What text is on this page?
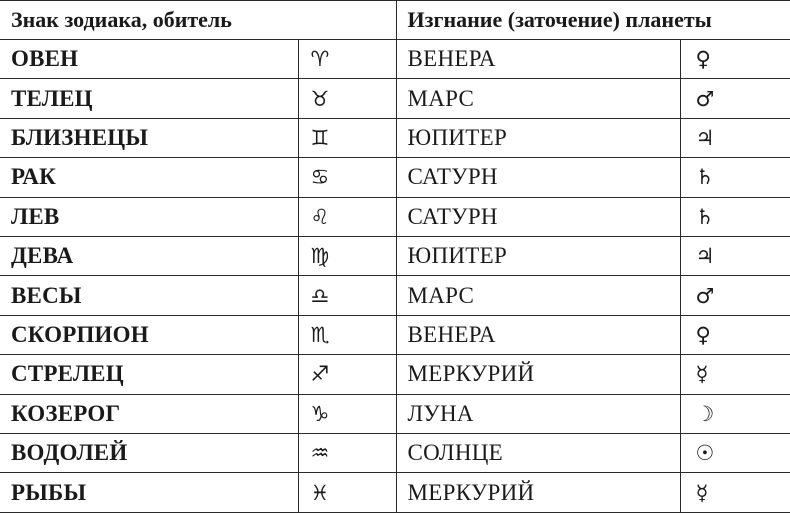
Знак зодиака, обитель		Изгнание (заточение) планеты	
ОВЕН	♈︎	ВЕНЕРА	♀
ТЕЛЕЦ	♉︎	МАРС	♂
БЛИЗНЕЦЫ	♊︎	ЮПИТЕР	♃
РАК	♋︎	САТУРН	♄
ЛЕВ	♌︎	САТУРН	♄
ДЕВА	♍︎	ЮПИТЕР	♃
ВЕСЫ	♎︎	МАРС	♂
СКОРПИОН	♏︎	ВЕНЕРА	♀
СТРЕЛЕЦ	♐︎	МЕРКУРИЙ	☿
КОЗЕРОГ	♑︎	ЛУНА	☽
ВОДОЛЕЙ	♒︎	СОЛНЦЕ	☉
РЫБЫ	♓︎	МЕРКУРИЙ	☿
